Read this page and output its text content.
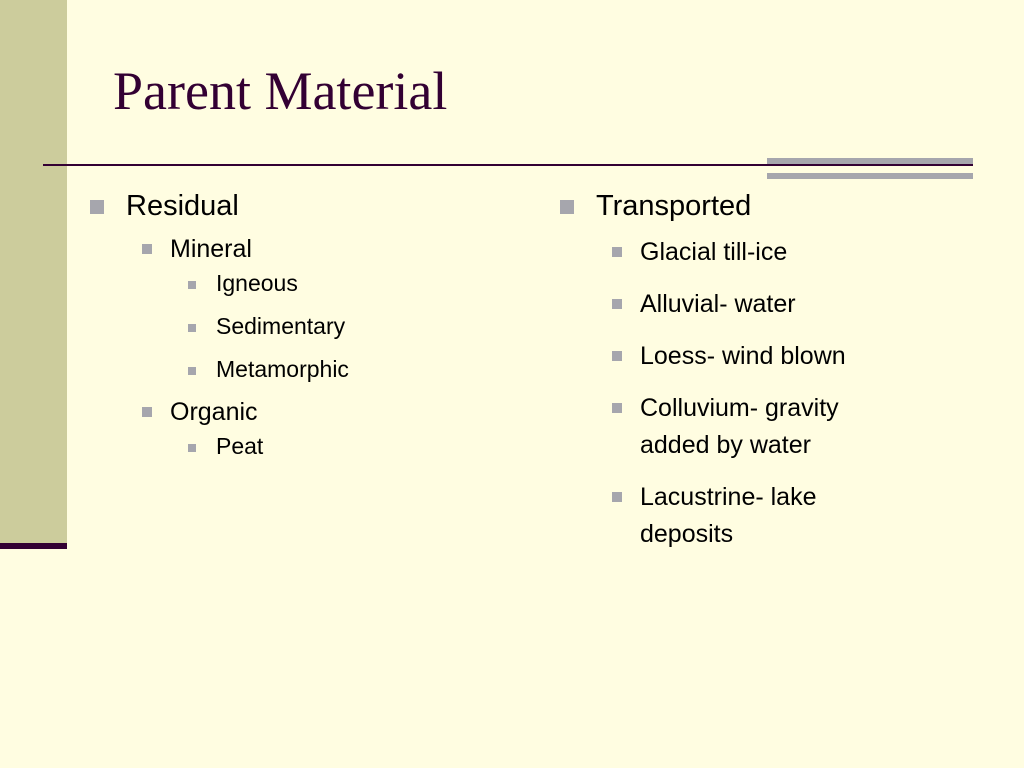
Parent Material
Residual
Mineral
Igneous
Sedimentary
Metamorphic
Organic
Peat
Transported
Glacial till-ice
Alluvial- water
Loess- wind blown
Colluvium- gravity added by water
Lacustrine- lake deposits
